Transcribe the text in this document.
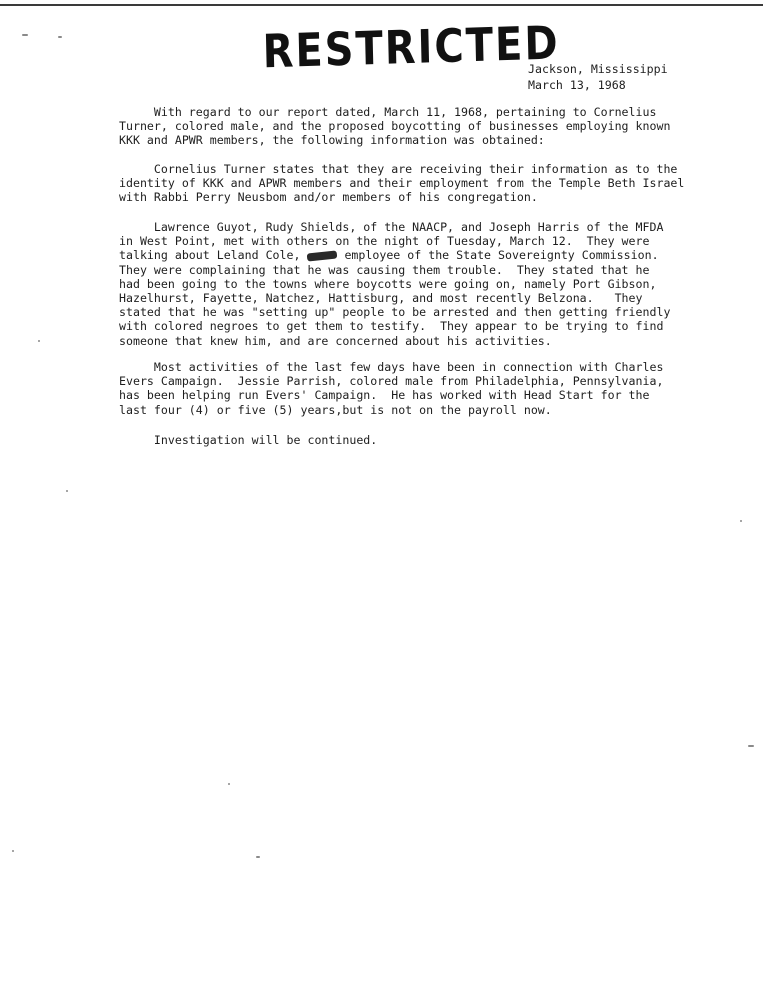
RESTRICTED
Jackson, Mississippi
March 13, 1968

With regard to our report dated, March 11, 1968, pertaining to Cornelius
Turner, colored male, and the proposed boycotting of businesses employing known
KKK and APWR members, the following information was obtained:

Cornelius Turner states that they are receiving their information as to the
identity of KKK and APWR members and their employment from the Temple Beth Israel
with Rabbi Perry Neusbom and/or members of his congregation.

Lawrence Guyot, Rudy Shields, of the NAACP, and Joseph Harris of the MFDA
in West Point, met with others on the night of Tuesday, March 12.  They were
talking about Leland Cole,	employee of the State Sovereignty Commission.
They were complaining that he was causing them trouble.  They stated that he
had been going to the towns where boycotts were going on, namely Port Gibson,
Hazelhurst, Fayette, Natchez, Hattisburg, and most recently Belzona.   They
stated that he was "setting up" people to be arrested and then getting friendly
with colored negroes to get them to testify.  They appear to be trying to find
someone that knew him, and are concerned about his activities.

Most activities of the last few days have been in connection with Charles
Evers Campaign.  Jessie Parrish, colored male from Philadelphia, Pennsylvania,
has been helping run Evers' Campaign.  He has worked with Head Start for the
last four (4) or five (5) years,but is not on the payroll now.

Investigation will be continued.
